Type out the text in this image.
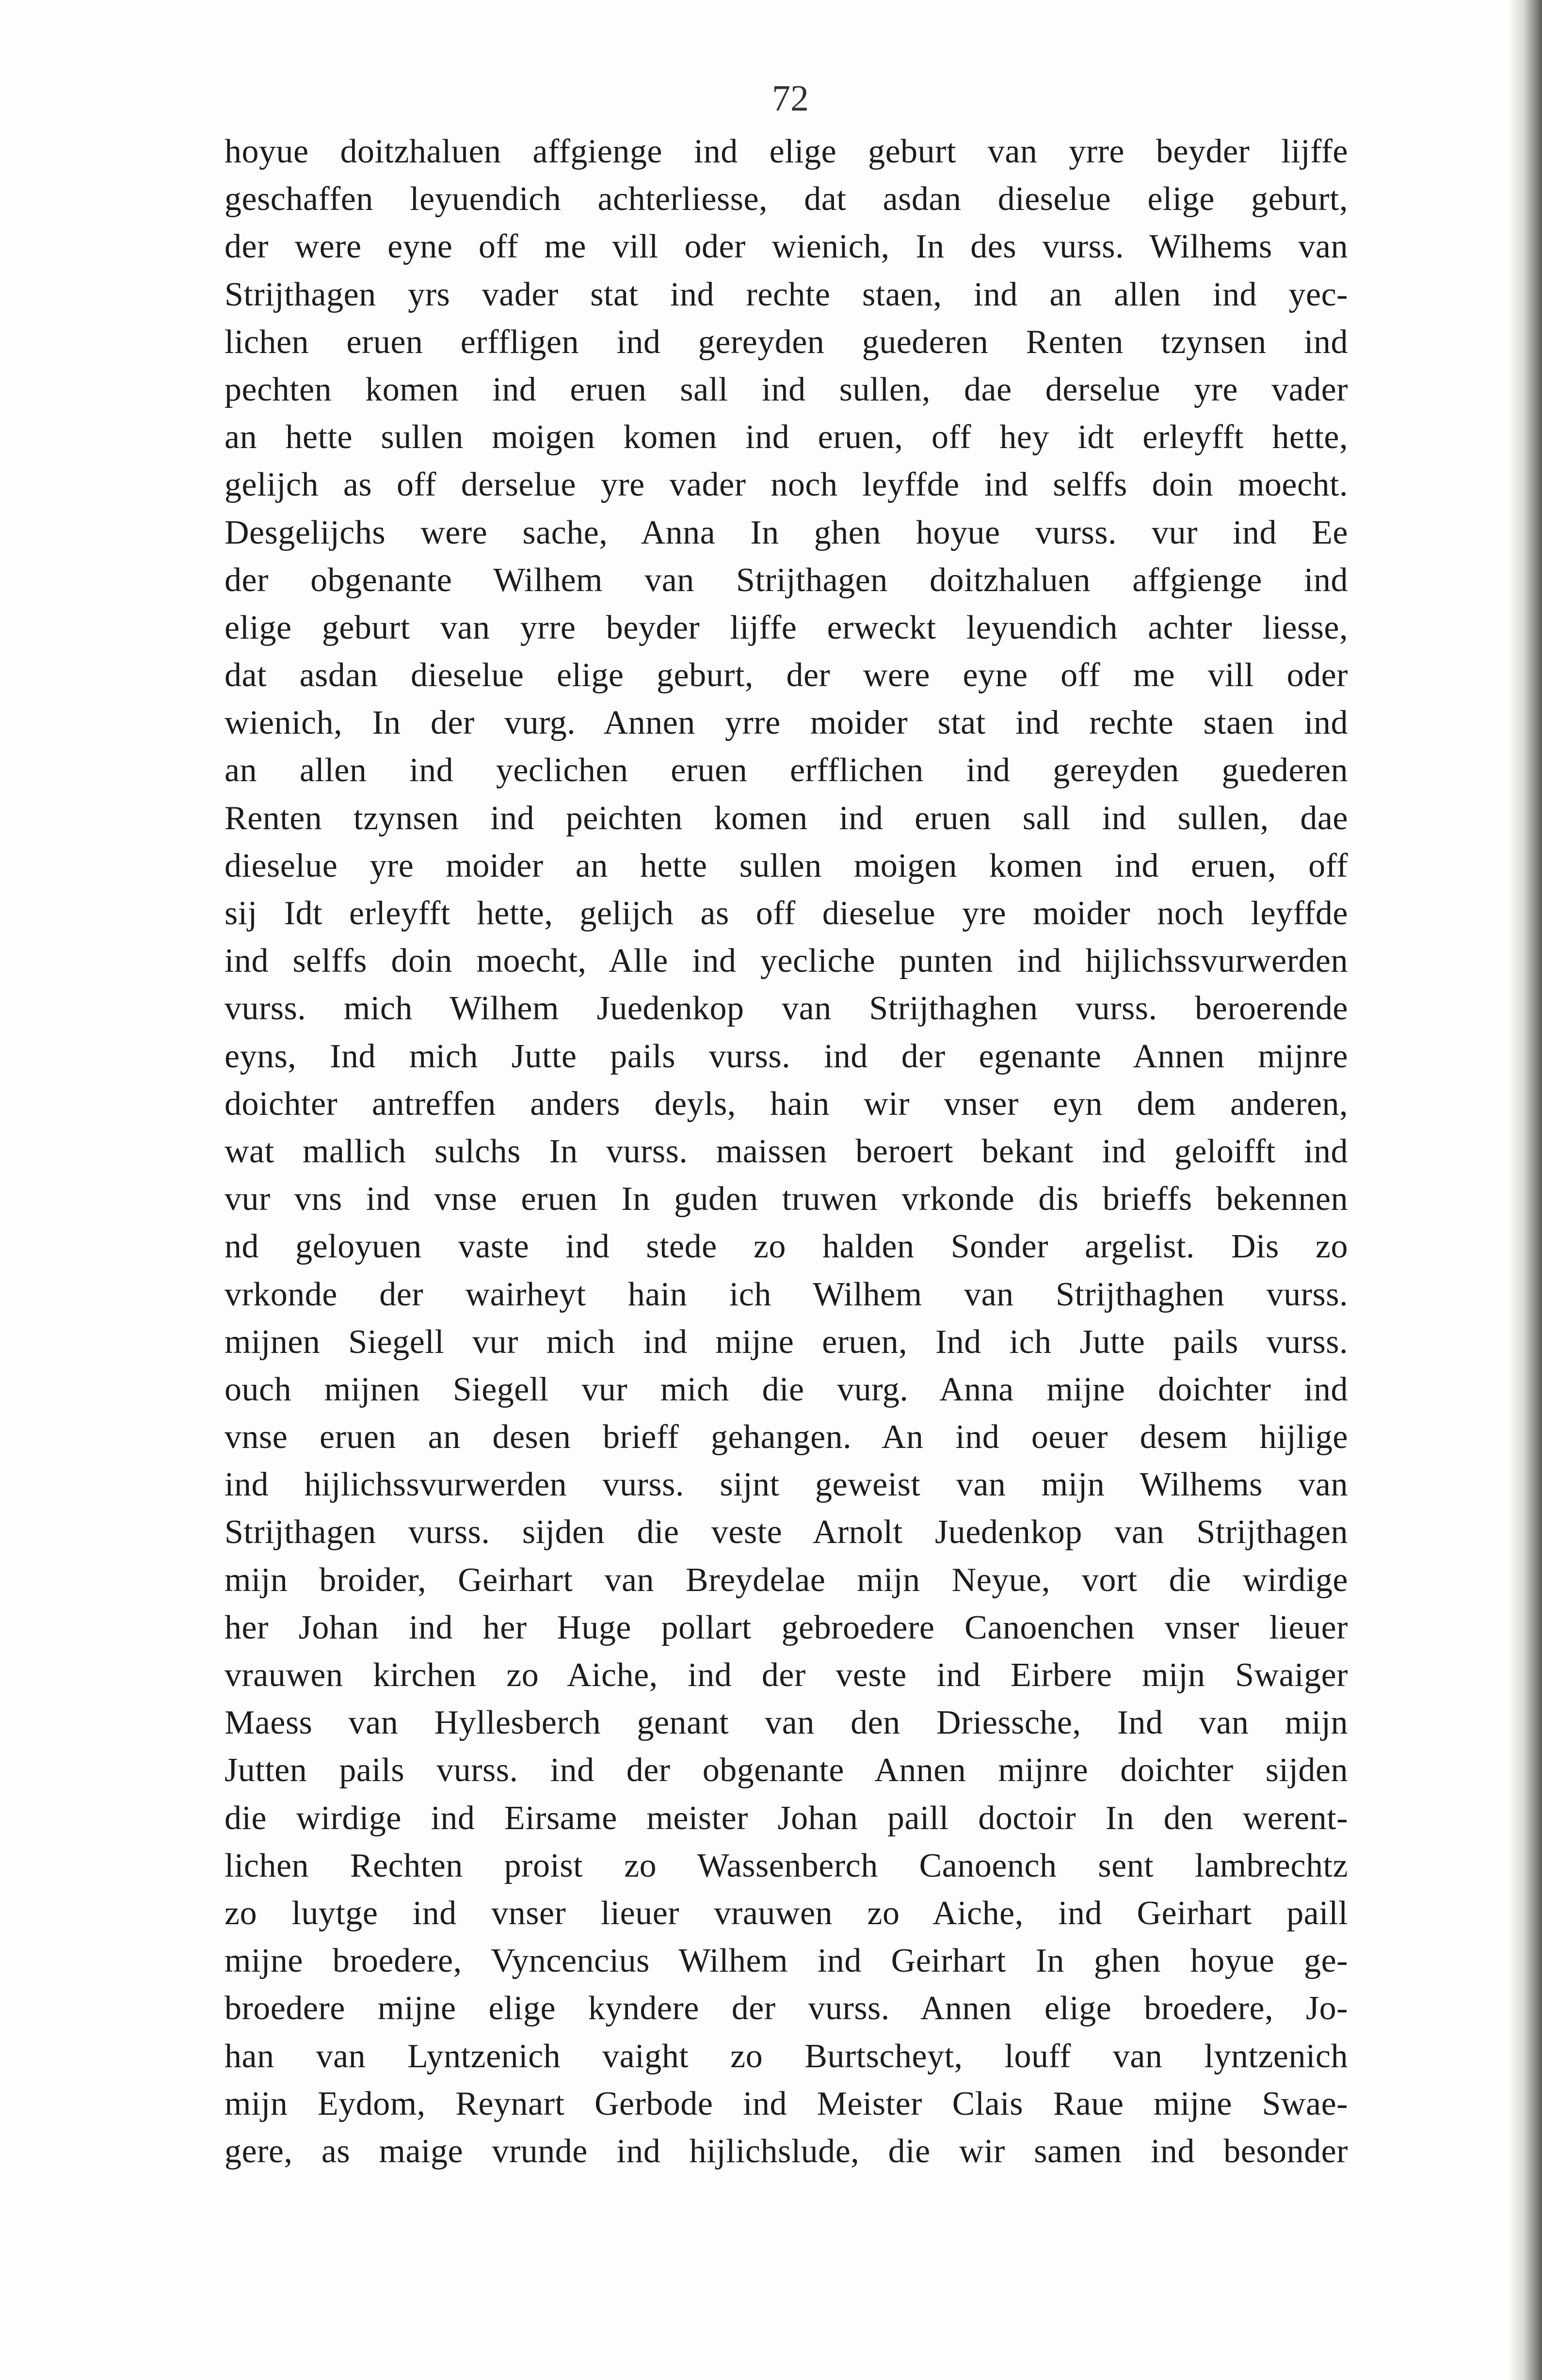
72
hoyue doitzhaluen affgienge ind elige geburt van yrre beyder lijffe
geschaffen leyuendich achterliesse, dat asdan dieselue elige geburt,
der were eyne off me vill oder wienich, In des vurss. Wilhems van
Strijthagen yrs vader stat ind rechte staen, ind an allen ind yec-
lichen eruen erffligen ind gereyden guederen Renten tzynsen ind
pechten komen ind eruen sall ind sullen, dae derselue yre vader
an hette sullen moigen komen ind eruen, off hey idt erleyfft hette,
gelijch as off derselue yre vader noch leyffde ind selffs doin moecht.
Desgelijchs were sache, Anna In ghen hoyue vurss. vur ind Ee
der obgenante Wilhem van Strijthagen doitzhaluen affgienge ind
elige geburt van yrre beyder lijffe erweckt leyuendich achter liesse,
dat asdan dieselue elige geburt, der were eyne off me vill oder
wienich, In der vurg. Annen yrre moider stat ind rechte staen ind
an allen ind yeclichen eruen erfflichen ind gereyden guederen
Renten tzynsen ind peichten komen ind eruen sall ind sullen, dae
dieselue yre moider an hette sullen moigen komen ind eruen, off
sij Idt erleyfft hette, gelijch as off dieselue yre moider noch leyffde
ind selffs doin moecht, Alle ind yecliche punten ind hijlichssvurwerden
vurss. mich Wilhem Juedenkop van Strijthaghen vurss. beroerende
eyns, Ind mich Jutte pails vurss. ind der egenante Annen mijnre
doichter antreffen anders deyls, hain wir vnser eyn dem anderen,
wat mallich sulchs In vurss. maissen beroert bekant ind geloifft ind
vur vns ind vnse eruen In guden truwen vrkonde dis brieffs bekennen
nd geloyuen vaste ind stede zo halden Sonder argelist. Dis zo
vrkonde der wairheyt hain ich Wilhem van Strijthaghen vurss.
mijnen Siegell vur mich ind mijne eruen, Ind ich Jutte pails vurss.
ouch mijnen Siegell vur mich die vurg. Anna mijne doichter ind
vnse eruen an desen brieff gehangen. An ind oeuer desem hijlige
ind hijlichssvurwerden vurss. sijnt geweist van mijn Wilhems van
Strijthagen vurss. sijden die veste Arnolt Juedenkop van Strijthagen
mijn broider, Geirhart van Breydelae mijn Neyue, vort die wirdige
her Johan ind her Huge pollart gebroedere Canoenchen vnser lieuer
vrauwen kirchen zo Aiche, ind der veste ind Eirbere mijn Swaiger
Maess van Hyllesberch genant van den Driessche, Ind van mijn
Jutten pails vurss. ind der obgenante Annen mijnre doichter sijden
die wirdige ind Eirsame meister Johan paill doctoir In den werent-
lichen Rechten proist zo Wassenberch Canoench sent lambrechtz
zo luytge ind vnser lieuer vrauwen zo Aiche, ind Geirhart paill
mijne broedere, Vyncencius Wilhem ind Geirhart In ghen hoyue ge-
broedere mijne elige kyndere der vurss. Annen elige broedere, Jo-
han van Lyntzenich vaight zo Burtscheyt, louff van lyntzenich
mijn Eydom, Reynart Gerbode ind Meister Clais Raue mijne Swae-
gere, as maige vrunde ind hijlichslude, die wir samen ind besonder
